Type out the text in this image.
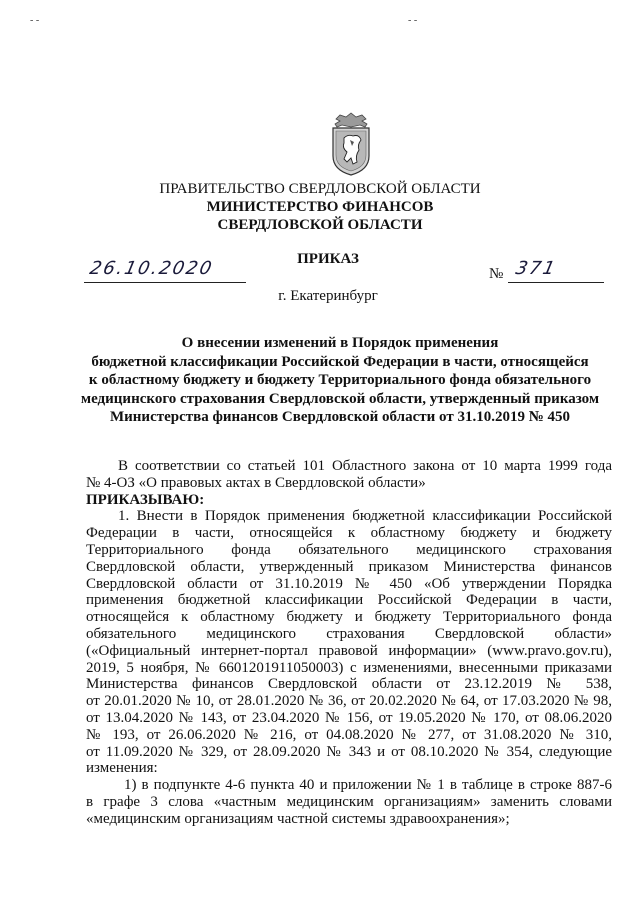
- -	- -
ПРАВИТЕЛЬСТВО СВЕРДЛОВСКОЙ ОБЛАСТИ
МИНИСТЕРСТВО ФИНАНСОВ
СВЕРДЛОВСКОЙ ОБЛАСТИ
ПРИКАЗ
26.10.2020	№ 371
г. Екатеринбург
О внесении изменений в Порядок применения
бюджетной классификации Российской Федерации в части, относящейся
к областному бюджету и бюджету Территориального фонда обязательного
медицинского страхования Свердловской области, утвержденный приказом
Министерства финансов Свердловской области от 31.10.2019 № 450
В соответствии со статьей 101 Областного закона от 10 марта 1999 года
№ 4-ОЗ «О правовых актах в Свердловской области»
ПРИКАЗЫВАЮ:
1. Внести в Порядок применения бюджетной классификации Российской
Федерации в части, относящейся к областному бюджету и бюджету
Территориального фонда обязательного медицинского страхования
Свердловской области, утвержденный приказом Министерства финансов
Свердловской области от 31.10.2019 № 450 «Об утверждении Порядка
применения бюджетной классификации Российской Федерации в части,
относящейся к областному бюджету и бюджету Территориального фонда
обязательного медицинского страхования Свердловской области»
(«Официальный интернет-портал правовой информации» (www.pravo.gov.ru),
2019, 5 ноября, № 6601201911050003) с изменениями, внесенными приказами
Министерства финансов Свердловской области от 23.12.2019 № 538,
от 20.01.2020 № 10, от 28.01.2020 № 36, от 20.02.2020 № 64, от 17.03.2020 № 98,
от 13.04.2020 № 143, от 23.04.2020 № 156, от 19.05.2020 № 170, от 08.06.2020
№ 193, от 26.06.2020 № 216, от 04.08.2020 № 277, от 31.08.2020 № 310,
от 11.09.2020 № 329, от 28.09.2020 № 343 и от 08.10.2020 № 354, следующие
изменения:
1) в подпункте 4-6 пункта 40 и приложении № 1 в таблице в строке 887-6
в графе 3 слова «частным медицинским организациям» заменить словами
«медицинским организациям частной системы здравоохранения»;
